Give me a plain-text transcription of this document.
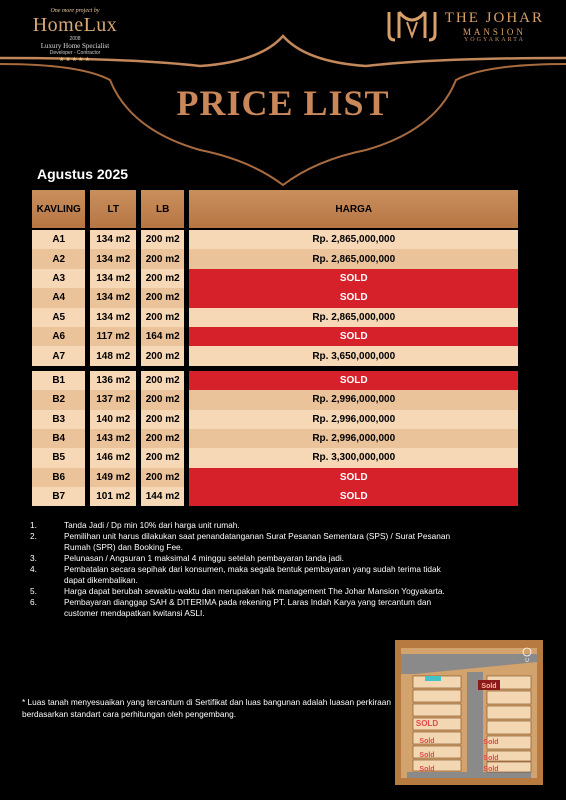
One more project by
HomeLux
2008
Luxury Home Specialist
Developer - Contractor
★★★★★
THE JOHAR
MANSION
YOGYAKARTA
PRICE LIST
Agustus 2025
KAVLING	LT	LB	HARGA
A1	134 m2	200 m2	Rp. 2,865,000,000
A2	134 m2	200 m2	Rp. 2,865,000,000
A3	134 m2	200 m2	SOLD
A4	134 m2	200 m2	SOLD
A5	134 m2	200 m2	Rp. 2,865,000,000
A6	117 m2	164 m2	SOLD
A7	148 m2	200 m2	Rp. 3,650,000,000
B1	136 m2	200 m2	SOLD
B2	137 m2	200 m2	Rp. 2,996,000,000
B3	140 m2	200 m2	Rp. 2,996,000,000
B4	143 m2	200 m2	Rp. 2,996,000,000
B5	146 m2	200 m2	Rp. 3,300,000,000
B6	149 m2	200 m2	SOLD
B7	101 m2	144 m2	SOLD
1.	Tanda Jadi / Dp min 10% dari harga unit rumah.
2.	Pemilihan unit harus dilakukan saat penandatanganan Surat Pesanan Sementara (SPS) / Surat Pesanan Rumah (SPR) dan Booking Fee.
3.	Pelunasan / Angsuran 1 maksimal 4 minggu setelah pembayaran tanda jadi.
4.	Pembatalan secara sepihak dari konsumen, maka segala bentuk pembayaran yang sudah terima tidak dapat dikembalikan.
5.	Harga dapat berubah sewaktu-waktu dan merupakan hak management The Johar Mansion Yogyakarta.
6.	Pembayaran dianggap SAH & DITERIMA pada rekening PT. Laras Indah Karya yang tercantum dan customer mendapatkan kwitansi ASLI.
* Luas tanah menyesuaikan yang tercantum di Sertifikat dan luas bangunan adalah luasan perkiraan berdasarkan standart cara perhitungan oleh pengembang.
Sold
SOLD
Sold
Sold
Sold
Sold
Sold
Sold
U
